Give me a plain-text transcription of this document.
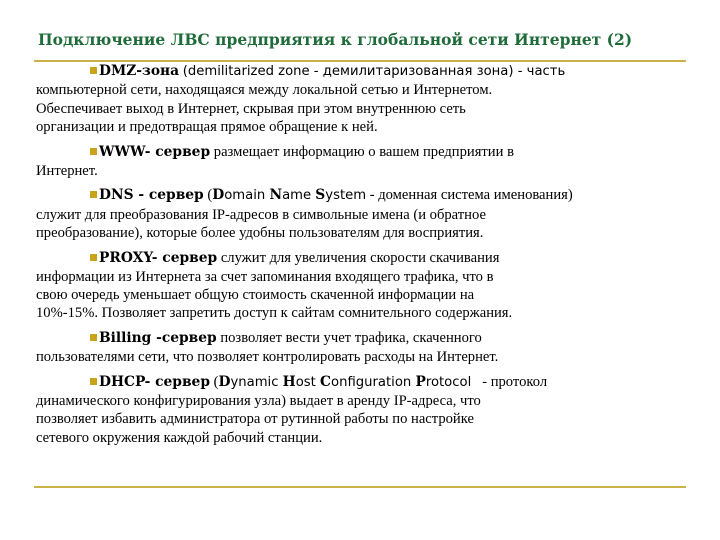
Подключение ЛВС предприятия к глобальной сети Интернет (2)
DMZ-зона (demilitarized zone - демилитаризованная зона) - часть
компьютерной сети, находящаяся между локальной сетью и Интернетом.
Обеспечивает выход в Интернет, скрывая при этом внутреннюю сеть
организации и предотвращая прямое обращение к ней.
WWW- сервер размещает информацию о вашем предприятии в
Интернет.
DNS - сервер (Domain Name System - доменная система именования)
служит для преобразования IP-адресов в символьные имена (и обратное
преобразование), которые более удобны пользователям для восприятия.
PROXY- сервер служит для увеличения скорости скачивания
информации из Интернета за счет запоминания входящего трафика, что в
свою очередь уменьшает общую стоимость скаченной информации на
10%-15%. Позволяет запретить доступ к сайтам сомнительного содержания.
Billing -сервер позволяет вести учет трафика, скаченного
пользователями сети, что позволяет контролировать расходы на Интернет.
DHCP- сервер (Dynamic Host Configuration Protocol   - протокол
динамического конфигурирования узла) выдает в аренду IP-адреса, что
позволяет избавить администратора от рутинной работы по настройке
сетевого окружения каждой рабочий станции.
